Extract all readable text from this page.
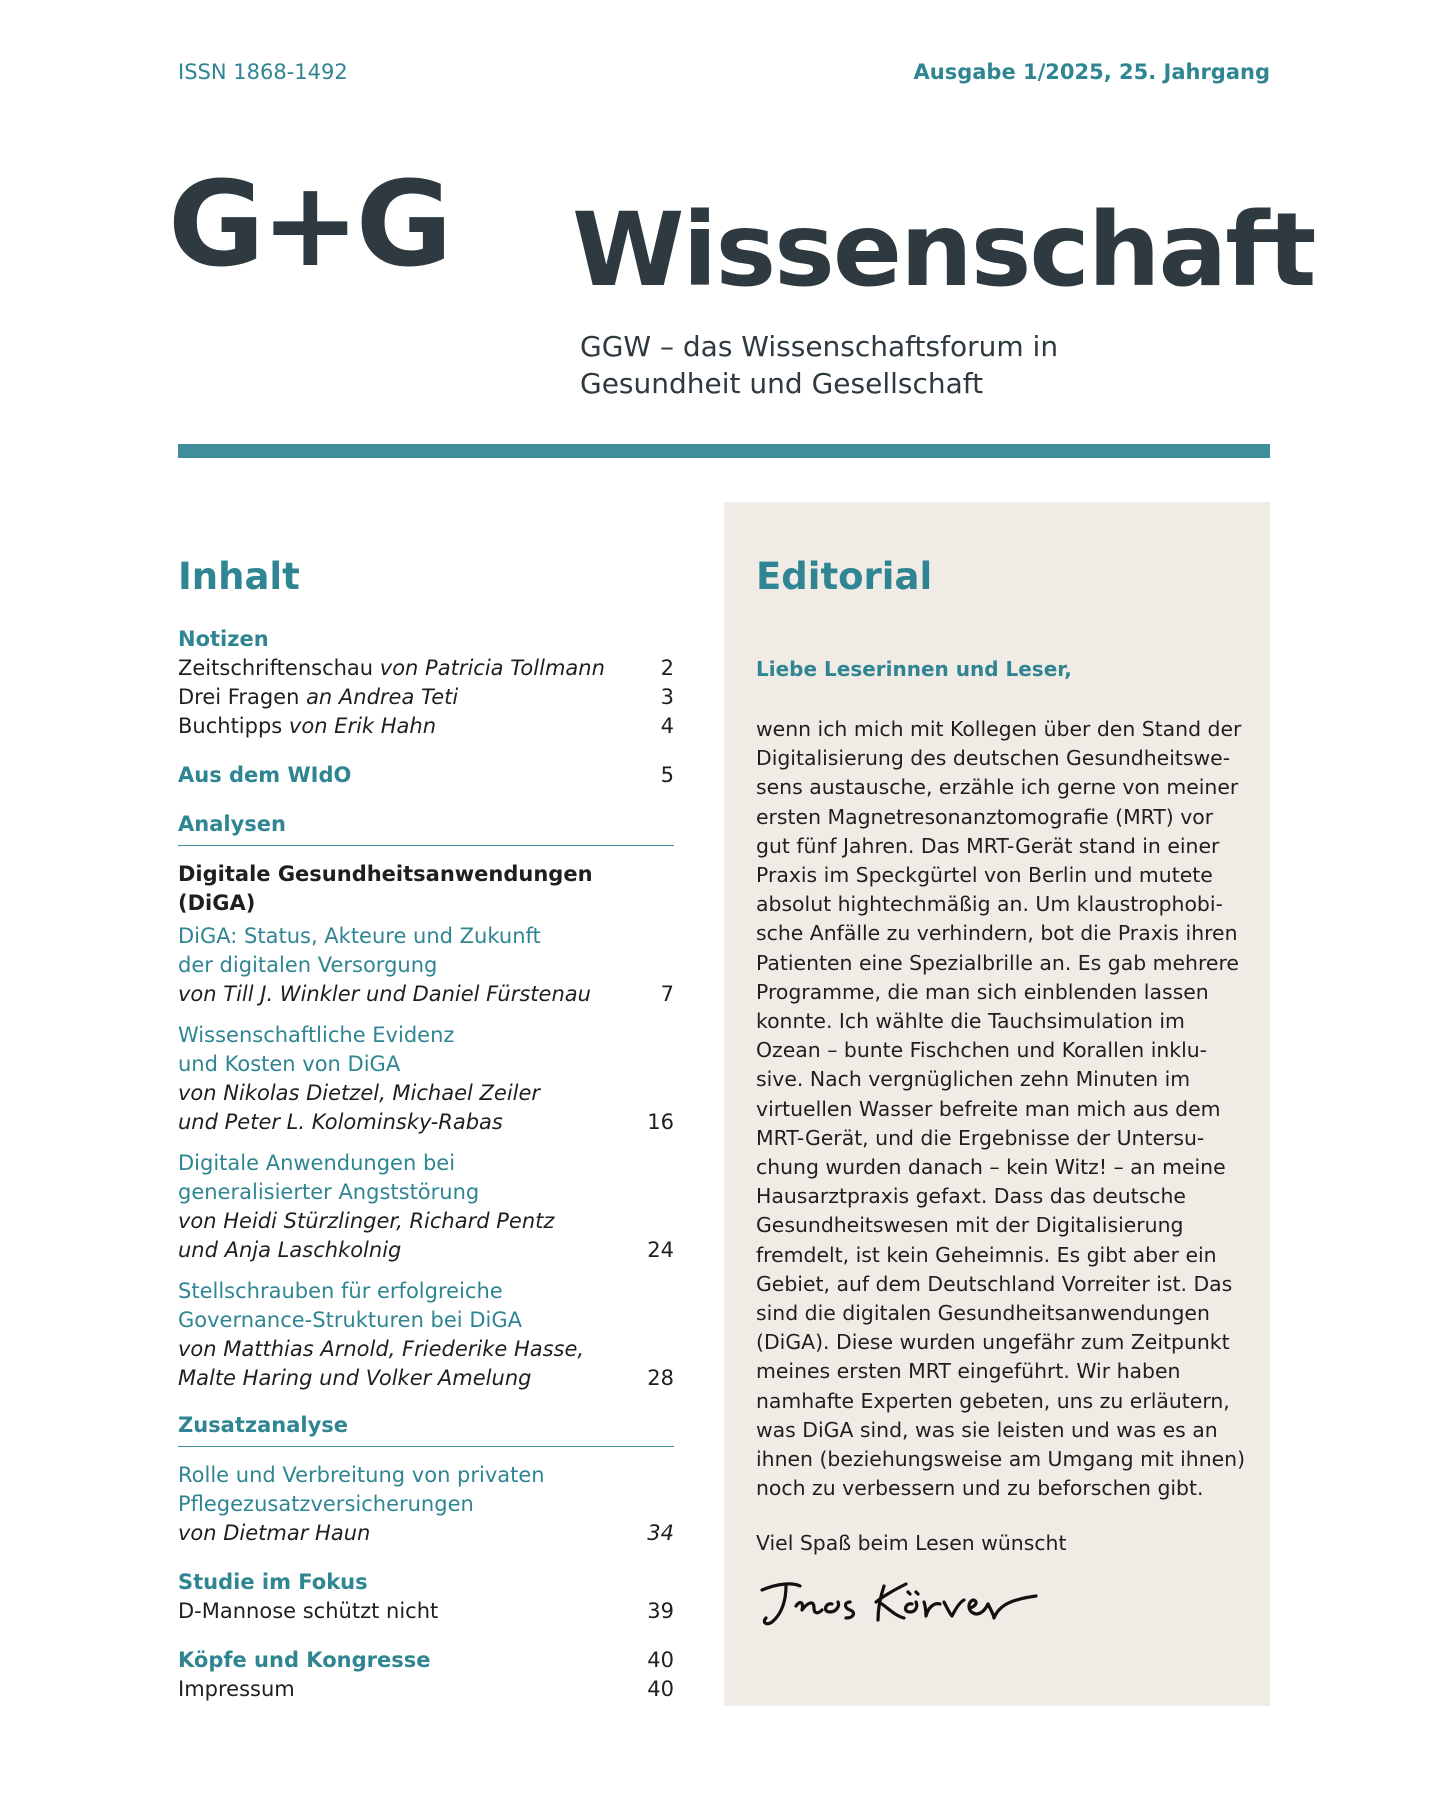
ISSN 1868-1492	Ausgabe 1/2025, 25. Jahrgang
G+G Wissenschaft
GGW – das Wissenschaftsforum in
Gesundheit und Gesellschaft
Inhalt
Notizen
Zeitschriftenschau von Patricia Tollmann	2
Drei Fragen an Andrea Teti	3
Buchtipps von Erik Hahn	4
Aus dem WIdO	5
Analysen
Digitale Gesundheitsanwendungen (DiGA)
DiGA: Status, Akteure und Zukunft
der digitalen Versorgung
von Till J. Winkler und Daniel Fürstenau	7
Wissenschaftliche Evidenz
und Kosten von DiGA
von Nikolas Dietzel, Michael Zeiler
und Peter L. Kolominsky-Rabas	16
Digitale Anwendungen bei
generalisierter Angststörung
von Heidi Stürzlinger, Richard Pentz
und Anja Laschkolnig	24
Stellschrauben für erfolgreiche
Governance-Strukturen bei DiGA
von Matthias Arnold, Friederike Hasse,
Malte Haring und Volker Amelung	28
Zusatzanalyse
Rolle und Verbreitung von privaten
Pflegezusatzversicherungen
von Dietmar Haun	34
Studie im Fokus
D-Mannose schützt nicht	39
Köpfe und Kongresse	40
Impressum	40
Editorial
Liebe Leserinnen und Leser,
wenn ich mich mit Kollegen über den Stand der
Digitalisierung des deutschen Gesundheitswe-
sens austausche, erzähle ich gerne von meiner
ersten Magnetresonanztomografie (MRT) vor
gut fünf Jahren. Das MRT-Gerät stand in einer
Praxis im Speckgürtel von Berlin und mutete
absolut hightechmäßig an. Um klaustrophobi-
sche Anfälle zu verhindern, bot die Praxis ihren
Patienten eine Spezialbrille an. Es gab mehrere
Programme, die man sich einblenden lassen
konnte. Ich wählte die Tauchsimulation im
Ozean – bunte Fischchen und Korallen inklu-
sive. Nach vergnüglichen zehn Minuten im
virtuellen Wasser befreite man mich aus dem
MRT-Gerät, und die Ergebnisse der Untersu-
chung wurden danach – kein Witz! – an meine
Hausarztpraxis gefaxt. Dass das deutsche
Gesundheitswesen mit der Digitalisierung
fremdelt, ist kein Geheimnis. Es gibt aber ein
Gebiet, auf dem Deutschland Vorreiter ist. Das
sind die digitalen Gesundheitsanwendungen
(DiGA). Diese wurden ungefähr zum Zeitpunkt
meines ersten MRT eingeführt. Wir haben
namhafte Experten gebeten, uns zu erläutern,
was DiGA sind, was sie leisten und was es an
ihnen (beziehungsweise am Umgang mit ihnen)
noch zu verbessern und zu beforschen gibt.
Viel Spaß beim Lesen wünscht
